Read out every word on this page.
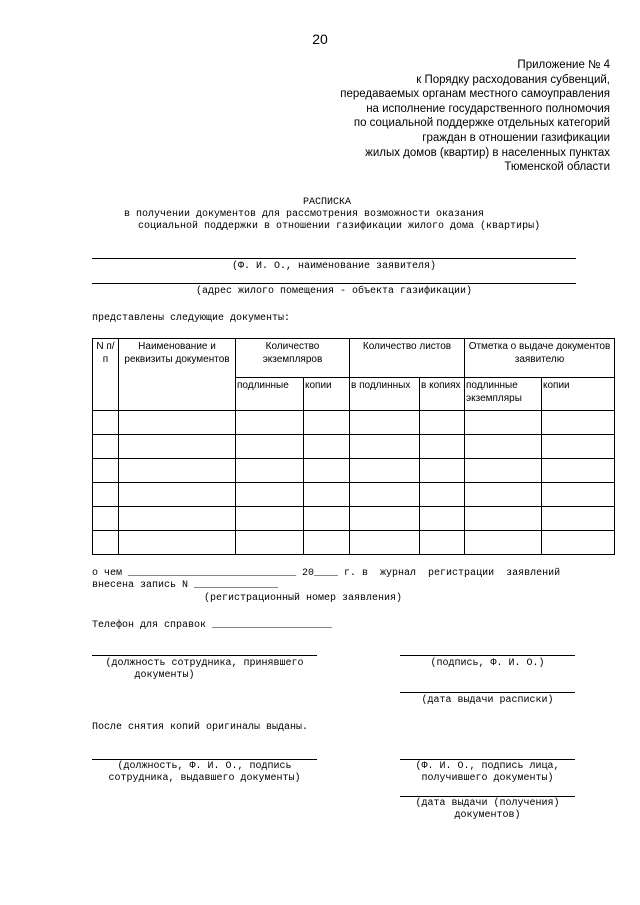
20
Приложение № 4
к Порядку расходования субвенций,
передаваемых органам местного самоуправления
на исполнение государственного полномочия
по социальной поддержке отдельных категорий
граждан в отношении газификации
жилых домов (квартир) в населенных пунктах
Тюменской области
РАСПИСКА
в получении документов для рассмотрения возможности оказания
социальной поддержки в отношении газификации жилого дома (квартиры)
(Ф. И. О., наименование заявителя)
(адрес жилого помещения - объекта газификации)
представлены следующие документы:
N п/п	Наименование и реквизиты документов	Количество экземпляров		Количество листов		Отметка о выдаче документов заявителю	
		подлинные	копии	в подлинных	в копиях	подлинные экземпляры	копии

о чем ____________________________ 20____ г. в  журнал  регистрации  заявлений
внесена запись N ______________
(регистрационный номер заявления)
Телефон для справок ____________________
(должность сотрудника, принявшего
документы)
(подпись, Ф. И. О.)
(дата выдачи расписки)
После снятия копий оригиналы выданы.
(должность, Ф. И. О., подпись
сотрудника, выдавшего документы)
(Ф. И. О., подпись лица,
получившего документы)
(дата выдачи (получения)
документов)
